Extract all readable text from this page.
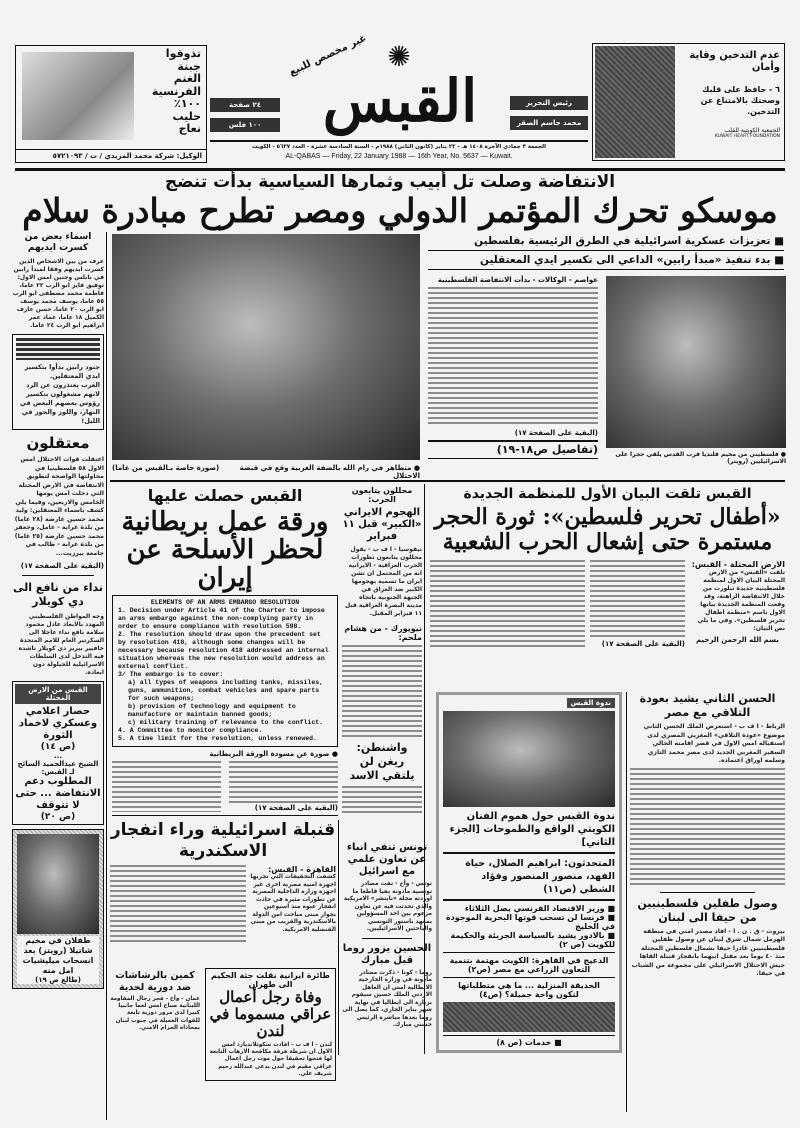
تذوقوا
جبنة
الغنم
الفرنسية
١٠٠٪
حليب
نعاج
الوكيل: شركة محمد المزيدي / ت / ٥٧٢١٠٩٣
✺
القبس
غير مخصص للبيع
٢٤ صفحة
١٠٠ فلس
رئيس التحرير
محمد جاسم الصقر
الجمعة ٣ جمادي الآخرة ١٤٠٨ هـ - ٢٢ يناير (كانون الثاني) ١٩٨٨م - السنة السادسة عشرة - العدد ٥٦٣٧ - الكويت
AL-QABAS — Friday, 22 January 1988 — 16th Year, No. 5637 — Kuwait.
عدم التدخين وقاية وأمان
٦ - حافظ على قلبك وصحتك بالامتناع عن التدخين.
الجمعية الكويتية للقلب
KUWAIT HEART FOUNDATION
الانتفاضة وصلت تل أبيب وثمارها السياسية بدأت تنضج
موسكو تحرك المؤتمر الدولي ومصر تطرح مبادرة سلام
اسماء بعض من كسرت ايديهم
عرف من بين الاشخاص الذين كسرت ايديهم وفقا لمبدأ رابين في نابلس وجنين امس الاول: توفيق فايز ابو الرب ٢٢ عاما، فاطمة محمد مصطفى ابو الرب ٥٥ عاما، يوسف محمد يوسف ابو الرب ٢٠ عاما، حسن عارف الكميل ١٨ عاما، عماد عمر ابراهيم ابو الرب ٢٤ عاما.
جنود رابين بدأوا بتكسير ايدي المعتقلين.
العرب يعتذرون عن الرد لانهم مشغولون بتكسير رؤوس بعضهم البعض في النهار، واللوز والجوز في الليل!
معتقلون
اعتقلت قوات الاحتلال امس الاول ٥٨ فلسطينيا في محاولتها الواضحة لتطويق الانتفاضة في الارض المحتلة التي دخلت امس يومها الخامس والاربعين، وفيما يلي كشف باسماء المعتقلين: وليد محمد حسين عارضة (٢٨ عاما) من بلدة عرابة - عامل، وجعفر محمد حسين عارضة (٢٥ عاما) من بلدة عرابة - طالب في جامعة بيرزيت...
(البقية على الصفحة ١٧)
نداء من نافع الى دي كويلار
وجه المواطن الفلسطيني المهدد بالابعاد عادل محمود سلامة نافع نداء عاجلا الى السكرتير العام للامم المتحدة خافيير بيريز دي كويلار ناشده فيه التدخل لدى السلطات الاسرائيلية للحيلولة دون ابعاده.
القبس من الارض المحتلة
حصار اعلامي وعسكري لاخماد الثورة
(ص ١٤)
...
الشيخ عبدالحميد السائح لـ القبس:
المطلوب دعم الانتفاضة ... حتى لا تتوقف
(ص ٢٠)
طفلان في مخيم شاتيلا (رويتر) بعد انسحاب ميليشيات امل منه
(طالع ص ١٩)
● متظاهر في رام الله بالضفة الغربية وقع في قبضة الاحتلال
(صورة خاصة بـالقبس من غاما)
■ تعزيزات عسكرية اسرائيلية في الطرق الرئيسية بفلسطين
■ بدء تنفيذ «مبدأ رابين» الداعي الى تكسير ايدي المعتقلين
عواصم - الوكالات - بدأت الانتفاضة الفلسطينية
(البقية على الصفحة ١٧)
(تفاصيل ص١٨-١٩)	● فلسطيني من مخيم قلنديا قرب القدس يلقي حجرا على الاسرائيليين (رويتر)
القبس حصلت عليها
ورقة عمل بريطانية لحظر الأسلحة عن إيران
ELEMENTS OF AN ARMS EMBARGO RESOLUTION
1. Decision under Article 41 of the Charter to impose an arms embargo against the non-complying party in order to ensure compliance with resolution 598.
2. The resolution should draw upon the precedent set by resolution 418, although some changes will be necessary because resolution 418 addressed an internal situation whereas the new resolution would address an external conflict.
3/ The embargo is to cover:
a) all types of weapons including tanks, missiles, guns, ammunition, combat vehicles and spare parts for such weapons;
b) provision of technology and equipment to manufacture or maintain banned goods;
c) military training of relevance to the conflict.
4. A Committee to monitor compliance.
5. A time limit for the resolution, unless renewed.
● صورة عن مسودة الورقة البريطانية
(البقية على الصفحة ١٧)
محللون يتابعون الحرب:
الهجوم الايراني «الكبير» قبل ١١ فبراير
نيقوسيا - ا ف ب - يقول محللون يتابعون تطورات الحرب العراقية - الايرانية انه من المحتمل ان تشن ايران ما تسميه بهجومها الكبير ضد العراق في الجبهة الجنوبية باتجاه مدينة البصرة العراقية قبل ١١ فبراير المقبل.
نيويورك - من هشام ملحم:
واشنطن: ريغن لن يلتقي الاسد
القبس تلقت البيان الأول للمنظمة الجديدة
«أطفال تحرير فلسطين»: ثورة الحجر مستمرة حتى إشعال الحرب الشعبية
الارض المحتلة - القبس:
تلقت «القبس» من الارض المحتلة البيان الاول لمنظمة فلسطينية جديدة تبلورت من خلال الانتفاضة الراهنة، وقد وقعت المنظمة الجديدة بيانها الاول باسم «منظمة اطفال تحرير فلسطين». وفي ما يلي نص البيان:
بسم الله الرحمن الرحيم
(البقية على الصفحة ١٧)
ندوة القبس
ندوة القبس حول هموم الفنان الكويتي الواقع والطموحات [الجزء الثاني]
المتحدثون: ابراهيم الصلال، حياة الفهد، منصور المنصور وفؤاد الشطي (ص١١)
■ وزير الاقتصاد الفرنسي يصل الثلاثاء
■ فرنسا لن تسحب قوتها البحرية الموجودة في الخليج
■ بالادور يشيد بالسياسة الجريئة والحكيمة للكويت (ص ٢)
الدعيج في القاهرة: الكويت مهتمة بتنمية التعاون الزراعي مع مصر (ص٢)
الحديقة المنزلية ... ما هي متطلباتها لتكون واحة جميلة؟ (ص٤)
■ خدمات (ص ٨)
الحسن الثاني يشيد بعودة التلاقي مع مصر
الرباط - ا ف ب - استعرض الملك الحسن الثاني موضوع «عودة التلاقي» المغربي المصري لدى استقباله امس الاول في قصر اقامته الحالي السفير المغربي الجديد لدى مصر محمد التازي وسلمه اوراق اعتماده.
وصول طفلين فلسطينيين من حيفا الى لبنان
بيروت - ق . ن . ا - افاد مصدر امني في منطقة الهرمل شمال شرق لبنان عن وصول طفلين فلسطينيين غادرا حيفا بشمال فلسطين المحتلة منذ ٤٠ يوما بعد مقتل ابيهما بانفجار قنبلة القاها جيش الاحتلال الاسرائيلي على مجموعة من الشباب في حيفا.
تونس تنفي انباء عن تعاون علمي مع اسرائيل
تونس - وأخ - نفت مصادر تونسية مأذونة نفيا قاطعا ما اوردته مجلة «نايتشر» الامريكية والذي تحدثت فيه عن تعاون مزعوم بين احد المسؤولين بمعهد باستور التونسي والباحثين الاسرائيليين.
الحسين يزور روما قبل مبارك
روما - كونا - ذكرت مصادر مأذونة في وزارة الخارجية الايطالية امس ان العاهل الاردني الملك حسين سيقوم بزيارة الى ايطاليا في نهاية شهر يناير الجاري، كما يصل الى روما بعدها مباشرة الرئيس حسني مبارك.
قنبلة اسرائيلية وراء انفجار الاسكندرية
القاهرة - القبس:
كشفت التحقيقات التي تجريها اجهزة امنية مصرية اخرى غير اجهزة وزارة الداخلية المصرية عن تطورات مثيرة في حادث انفجار عبوة منذ اسبوعين بجوار مبنى مباحث امن الدولة بالاسكندرية والقريب من مبنى القنصلية الامريكية.
كمين بالرشاشات ضد دورية لحدية
عمان - وأخ - فجر رجال المقاومة اللبنانية صباح امس لغما جانبيا كبيرا لدى مرور دورية تابعة للقوات العميلة في جنوب لبنان بمحاذاة الحزام الامني.
طائرة ايرانية نقلت جثة الحكيم الى طهران
وفاة رجل أعمال عراقي مسموما في لندن
لندن - ا ف ب - افادت سكوتلانديارد امس الاول ان شرطة فرقة مكافحة الارهاب التابعة لها فتحوا تحقيقا حول موت رجل اعمال عراقي مقيم في لندن يدعى عبدالله رحيم شريف علي.
